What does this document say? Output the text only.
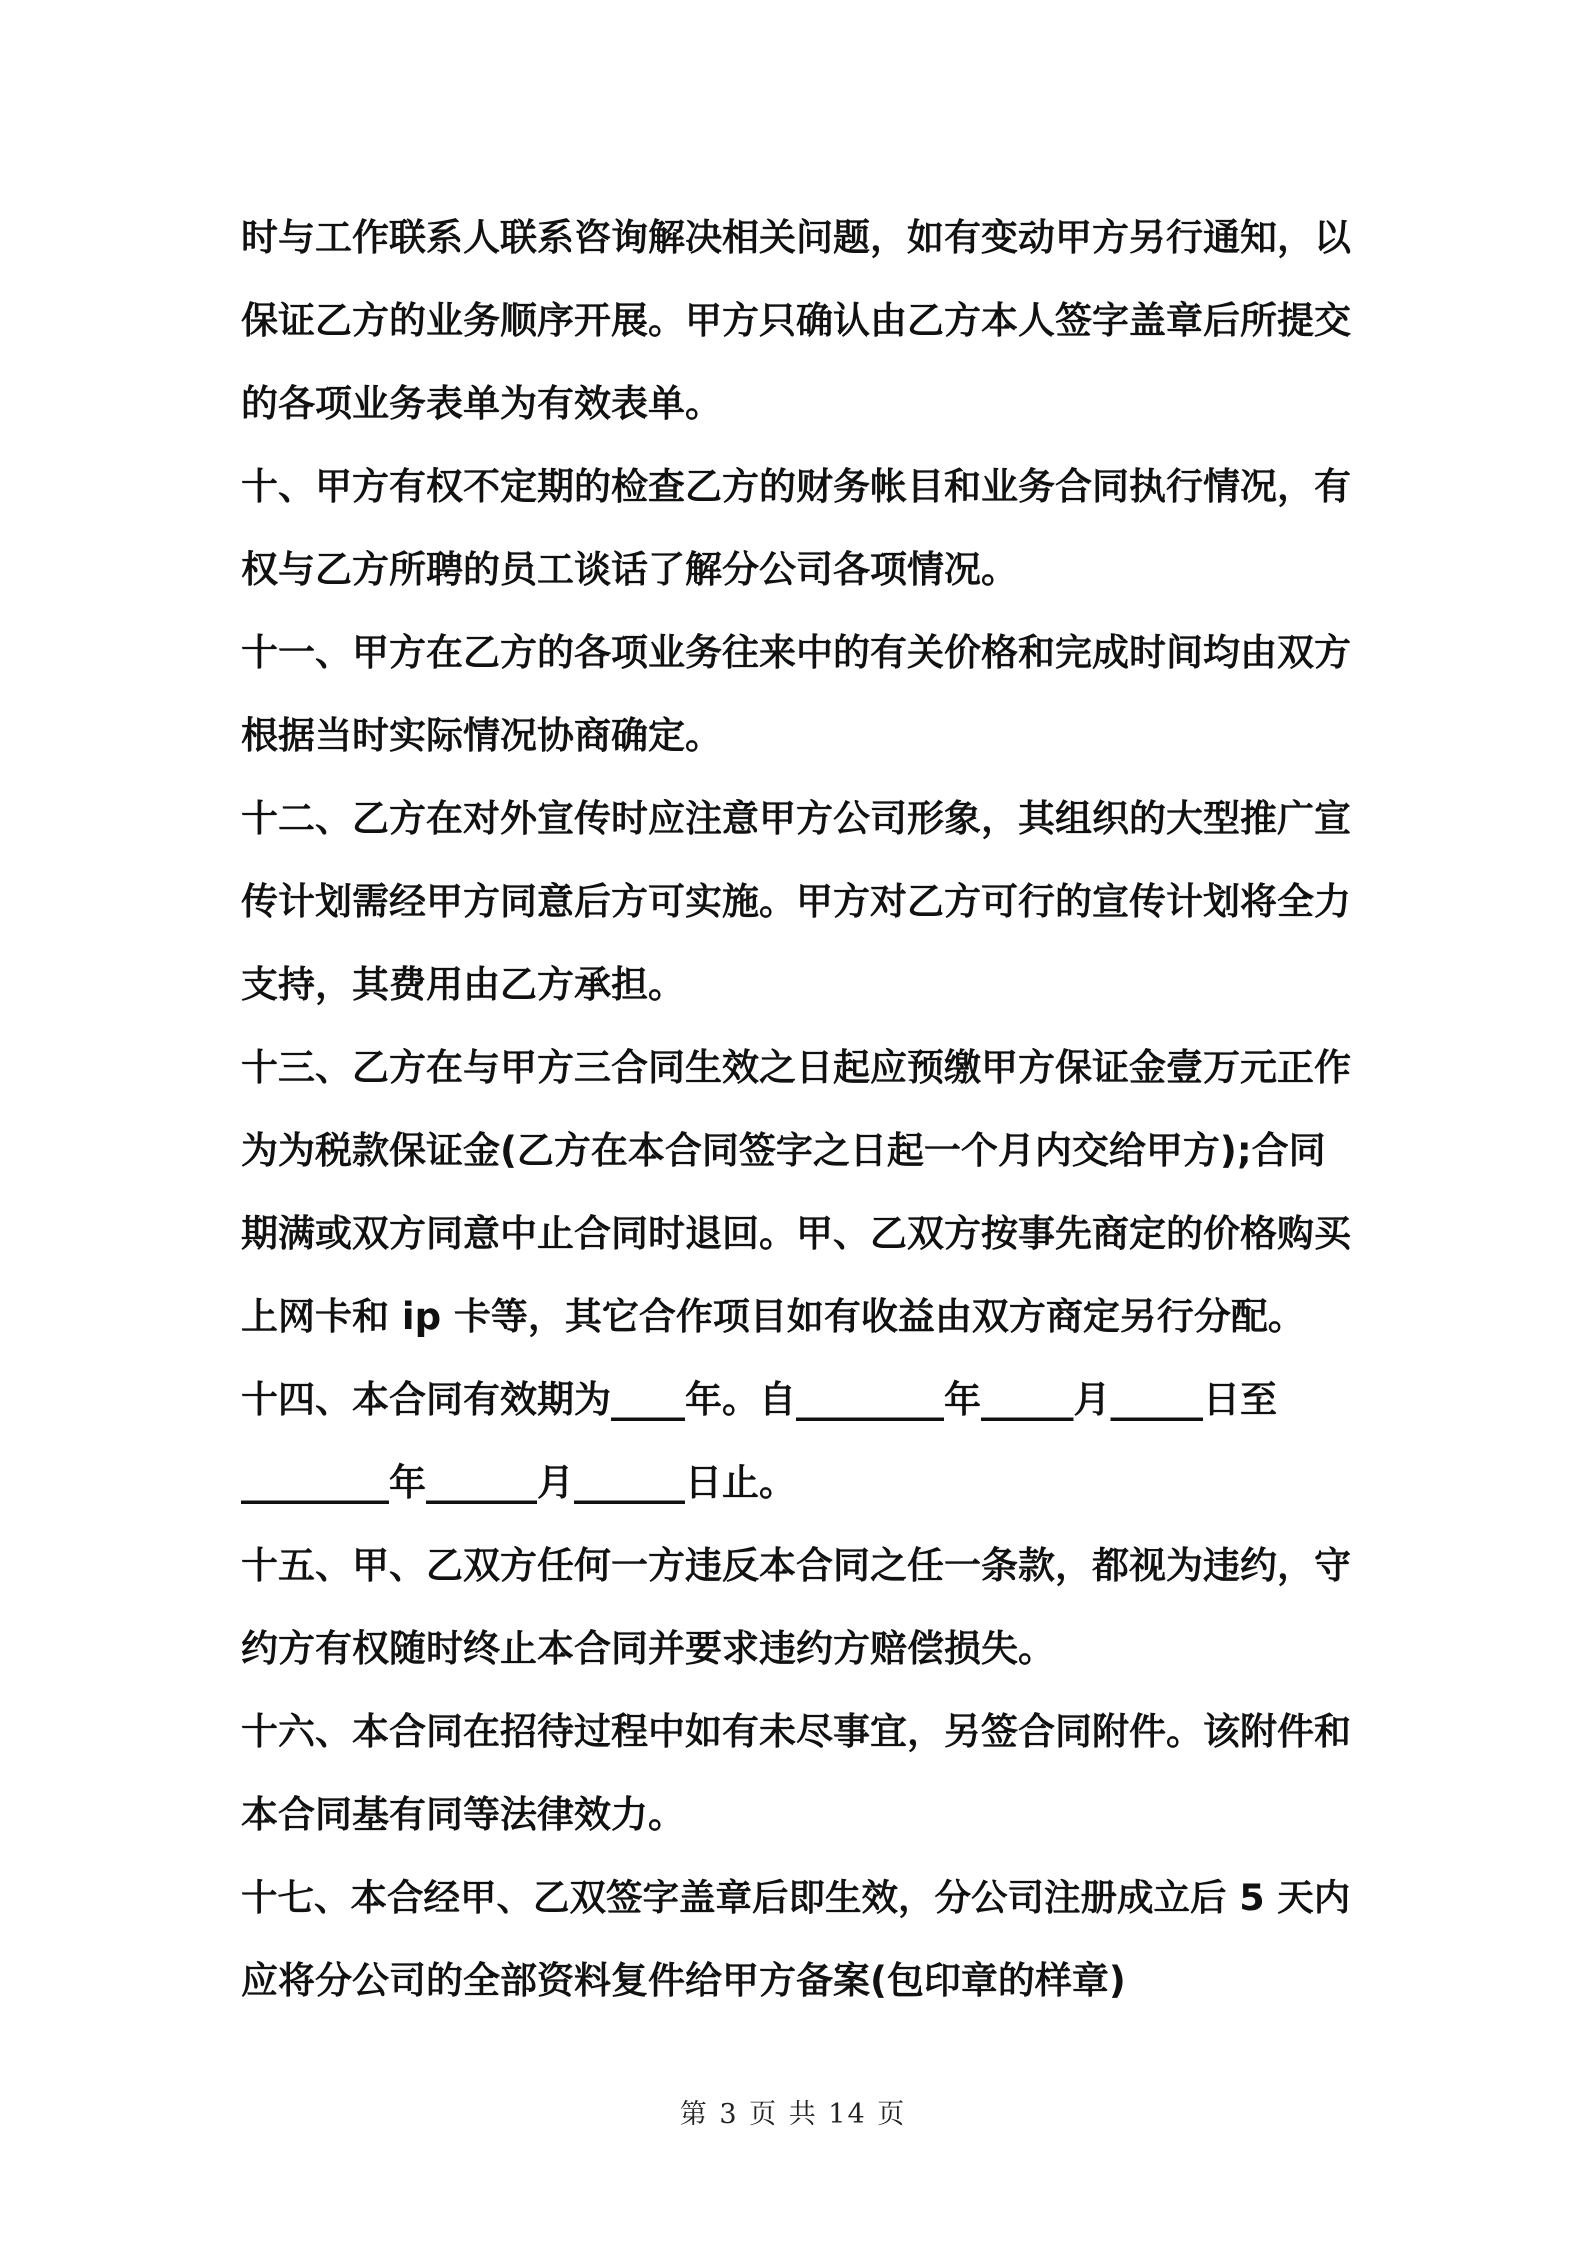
时与工作联系人联系咨询解决相关问题，如有变动甲方另行通知，以
保证乙方的业务顺序开展。甲方只确认由乙方本人签字盖章后所提交
的各项业务表单为有效表单。
十、甲方有权不定期的检查乙方的财务帐目和业务合同执行情况，有
权与乙方所聘的员工谈话了解分公司各项情况。
十一、甲方在乙方的各项业务往来中的有关价格和完成时间均由双方
根据当时实际情况协商确定。
十二、乙方在对外宣传时应注意甲方公司形象，其组织的大型推广宣
传计划需经甲方同意后方可实施。甲方对乙方可行的宣传计划将全力
支持，其费用由乙方承担。
十三、乙方在与甲方三合同生效之日起应预缴甲方保证金壹万元正作
为为税款保证金(乙方在本合同签字之日起一个月内交给甲方);合同
期满或双方同意中止合同时退回。甲、乙双方按事先商定的价格购买
上网卡和 ip 卡等，其它合作项目如有收益由双方商定另行分配。
十四、本合同有效期为____年。自________年_____月_____日至
________年______月______日止。
十五、甲、乙双方任何一方违反本合同之任一条款，都视为违约，守
约方有权随时终止本合同并要求违约方赔偿损失。
十六、本合同在招待过程中如有未尽事宜，另签合同附件。该附件和
本合同基有同等法律效力。
十七、本合经甲、乙双签字盖章后即生效，分公司注册成立后 5 天内
应将分公司的全部资料复件给甲方备案(包印章的样章)

第 3 页 共 14 页
